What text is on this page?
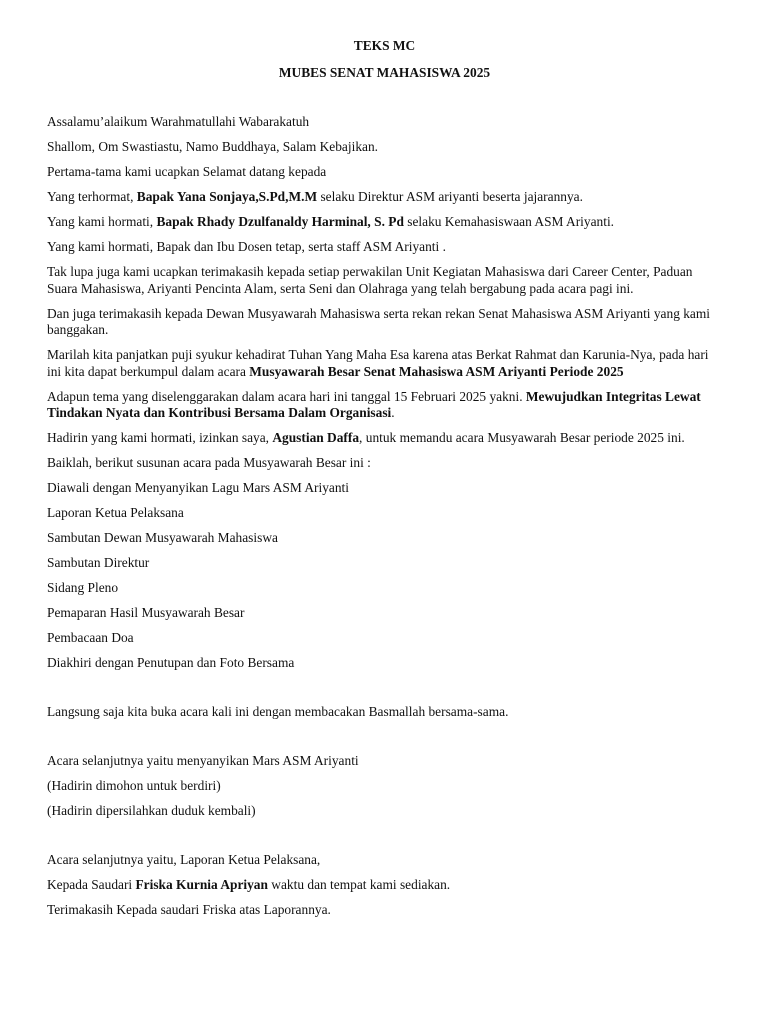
TEKS MC
MUBES SENAT MAHASISWA 2025

Assalamu’alaikum Warahmatullahi Wabarakatuh

Shallom, Om Swastiastu, Namo Buddhaya, Salam Kebajikan.

Pertama-tama kami ucapkan Selamat datang kepada

Yang terhormat, Bapak Yana Sonjaya,S.Pd,M.M selaku Direktur ASM ariyanti beserta jajarannya.

Yang kami hormati, Bapak Rhady Dzulfanaldy Harminal, S. Pd selaku Kemahasiswaan ASM Ariyanti.

Yang kami hormati, Bapak dan Ibu Dosen tetap, serta staff ASM Ariyanti .

Tak lupa juga kami ucapkan terimakasih kepada setiap perwakilan Unit Kegiatan Mahasiswa dari Career Center, Paduan Suara Mahasiswa, Ariyanti Pencinta Alam, serta Seni dan Olahraga yang telah bergabung pada acara pagi ini.

Dan juga terimakasih kepada Dewan Musyawarah Mahasiswa serta rekan rekan Senat Mahasiswa ASM Ariyanti yang kami banggakan.

Marilah kita panjatkan puji syukur kehadirat Tuhan Yang Maha Esa karena atas Berkat Rahmat dan Karunia-Nya, pada hari ini kita dapat berkumpul dalam acara Musyawarah Besar Senat Mahasiswa ASM Ariyanti Periode 2025

Adapun tema yang diselenggarakan dalam acara hari ini tanggal 15 Februari 2025 yakni. Mewujudkan Integritas Lewat Tindakan Nyata dan Kontribusi Bersama Dalam Organisasi.

Hadirin yang kami hormati, izinkan saya, Agustian Daffa, untuk memandu acara Musyawarah Besar periode 2025 ini.

Baiklah, berikut susunan acara pada Musyawarah Besar ini :

Diawali dengan Menyanyikan Lagu Mars ASM Ariyanti

Laporan Ketua Pelaksana

Sambutan Dewan Musyawarah Mahasiswa

Sambutan Direktur

Sidang Pleno

Pemaparan Hasil Musyawarah Besar

Pembacaan Doa

Diakhiri dengan Penutupan dan Foto Bersama

Langsung saja kita buka acara kali ini dengan membacakan Basmallah bersama-sama.

Acara selanjutnya yaitu menyanyikan Mars ASM Ariyanti

(Hadirin dimohon untuk berdiri)

(Hadirin dipersilahkan duduk kembali)

Acara selanjutnya yaitu, Laporan Ketua Pelaksana,

Kepada Saudari Friska Kurnia Apriyan waktu dan tempat kami sediakan.

Terimakasih Kepada saudari Friska atas Laporannya.
